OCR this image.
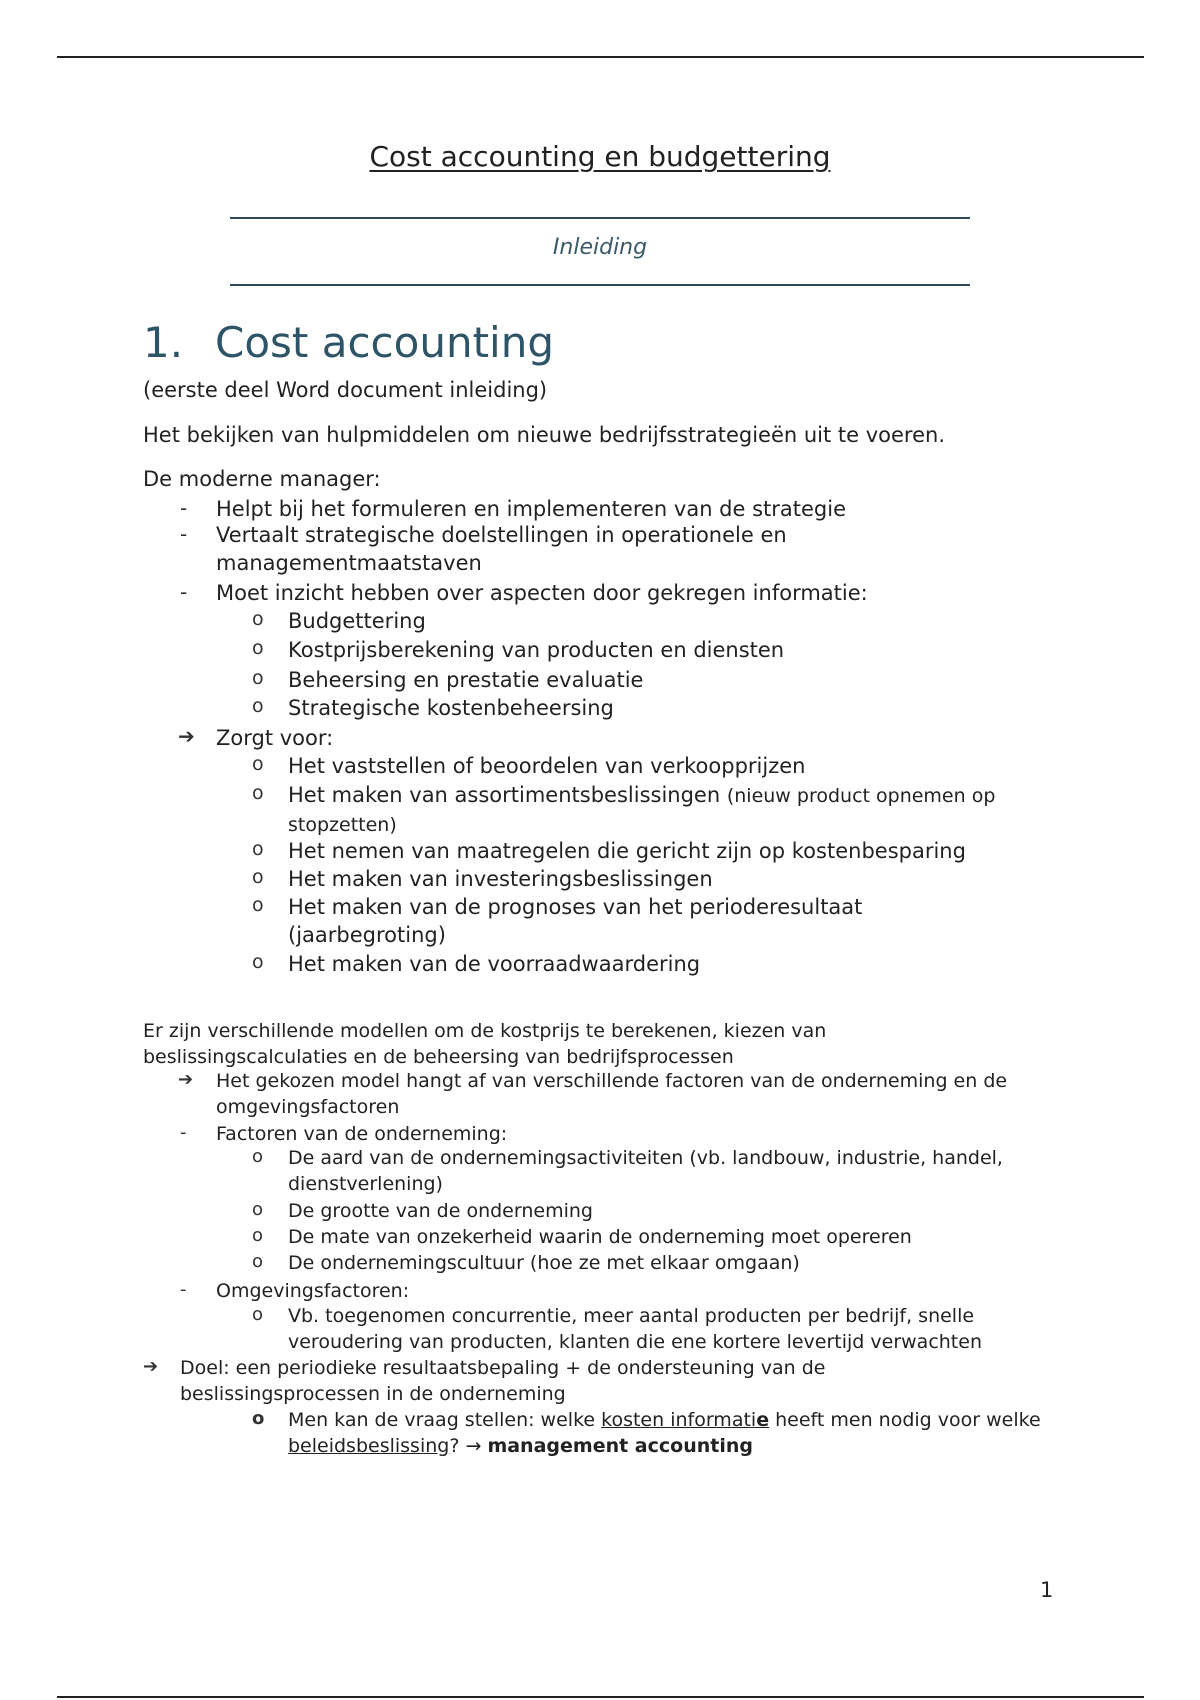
Cost accounting en budgettering
Inleiding
1. Cost accounting
(eerste deel Word document inleiding)
Het bekijken van hulpmiddelen om nieuwe bedrijfsstrategieën uit te voeren.
De moderne manager:
- Helpt bij het formuleren en implementeren van de strategie
- Vertaalt strategische doelstellingen in operationele en managementmaatstaven
- Moet inzicht hebben over aspecten door gekregen informatie:
o Budgettering
o Kostprijsberekening van producten en diensten
o Beheersing en prestatie evaluatie
o Strategische kostenbeheersing
➔ Zorgt voor:
o Het vaststellen of beoordelen van verkoopprijzen
o Het maken van assortimentsbeslissingen (nieuw product opnemen op stopzetten)
o Het nemen van maatregelen die gericht zijn op kostenbesparing
o Het maken van investeringsbeslissingen
o Het maken van de prognoses van het perioderesultaat (jaarbegroting)
o Het maken van de voorraadwaardering
Er zijn verschillende modellen om de kostprijs te berekenen, kiezen van beslissingscalculaties en de beheersing van bedrijfsprocessen
➔ Het gekozen model hangt af van verschillende factoren van de onderneming en de omgevingsfactoren
- Factoren van de onderneming:
o De aard van de ondernemingsactiviteiten (vb. landbouw, industrie, handel, dienstverlening)
o De grootte van de onderneming
o De mate van onzekerheid waarin de onderneming moet opereren
o De ondernemingscultuur (hoe ze met elkaar omgaan)
- Omgevingsfactoren:
o Vb. toegenomen concurrentie, meer aantal producten per bedrijf, snelle veroudering van producten, klanten die ene kortere levertijd verwachten
➔ Doel: een periodieke resultaatsbepaling + de ondersteuning van de beslissingsprocessen in de onderneming
o Men kan de vraag stellen: welke kosten informatie heeft men nodig voor welke beleidsbeslissing? → management accounting
1
